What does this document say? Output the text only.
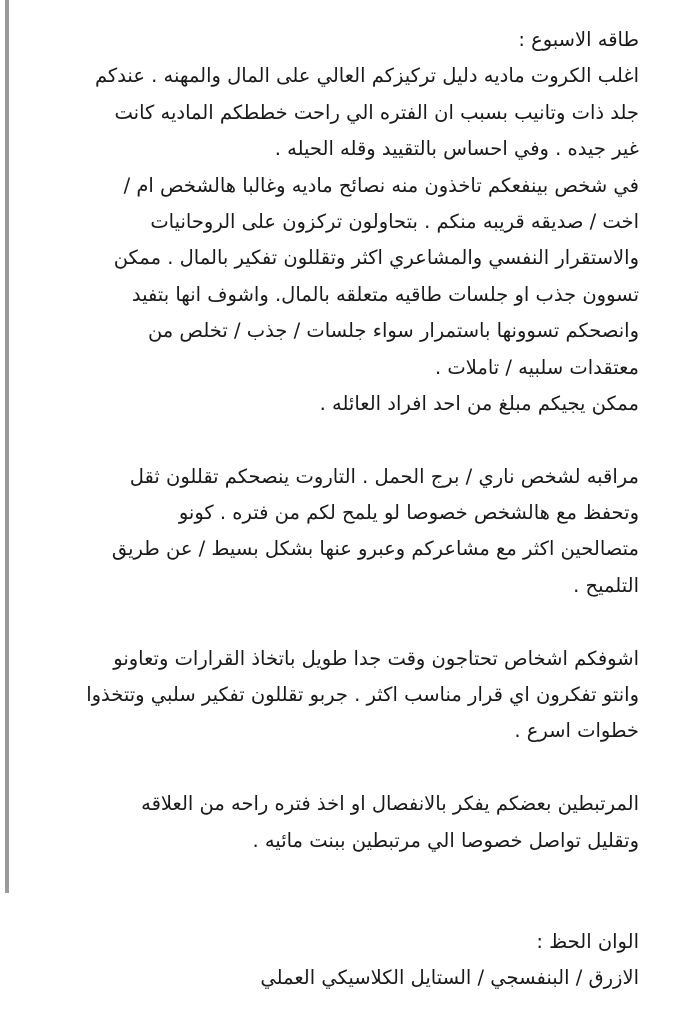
طاقه الاسبوع :
اغلب الكروت ماديه دليل تركيزكم العالي على المال والمهنه . عندكم
جلد ذات وتانيب بسبب ان الفتره الي راحت خططكم الماديه كانت
غير جيده . وفي احساس بالتقييد وقله الحيله .
في شخص بينفعكم تاخذون منه نصائح ماديه وغالبا هالشخص ام /
اخت / صديقه قريبه منكم . بتحاولون تركزون على الروحانيات
والاستقرار النفسي والمشاعري اكثر وتقللون تفكير بالمال . ممكن
تسوون جذب او جلسات طاقيه متعلقه بالمال. واشوف انها بتفيد
وانصحكم تسوونها باستمرار سواء جلسات / جذب / تخلص من
معتقدات سلبيه / تاملات .
ممكن يجيكم مبلغ من احد افراد العائله .
مراقبه لشخص ناري / برج الحمل . التاروت ينصحكم تقللون ثقل
وتحفظ مع هالشخص خصوصا لو يلمح لكم من فتره . كونو
متصالحين اكثر مع مشاعركم وعبرو عنها بشكل بسيط / عن طريق
التلميح .
اشوفكم اشخاص تحتاجون وقت جدا طويل باتخاذ القرارات وتعاونو
وانتو تفكرون اي قرار مناسب اكثر . جربو تقللون تفكير سلبي وتتخذوا
خطوات اسرع .
المرتبطين بعضكم يفكر بالانفصال او اخذ فتره راحه من العلاقه
وتقليل تواصل خصوصا الي مرتبطين ببنت مائيه .
الوان الحظ :
الازرق / البنفسجي / الستايل الكلاسيكي العملي
